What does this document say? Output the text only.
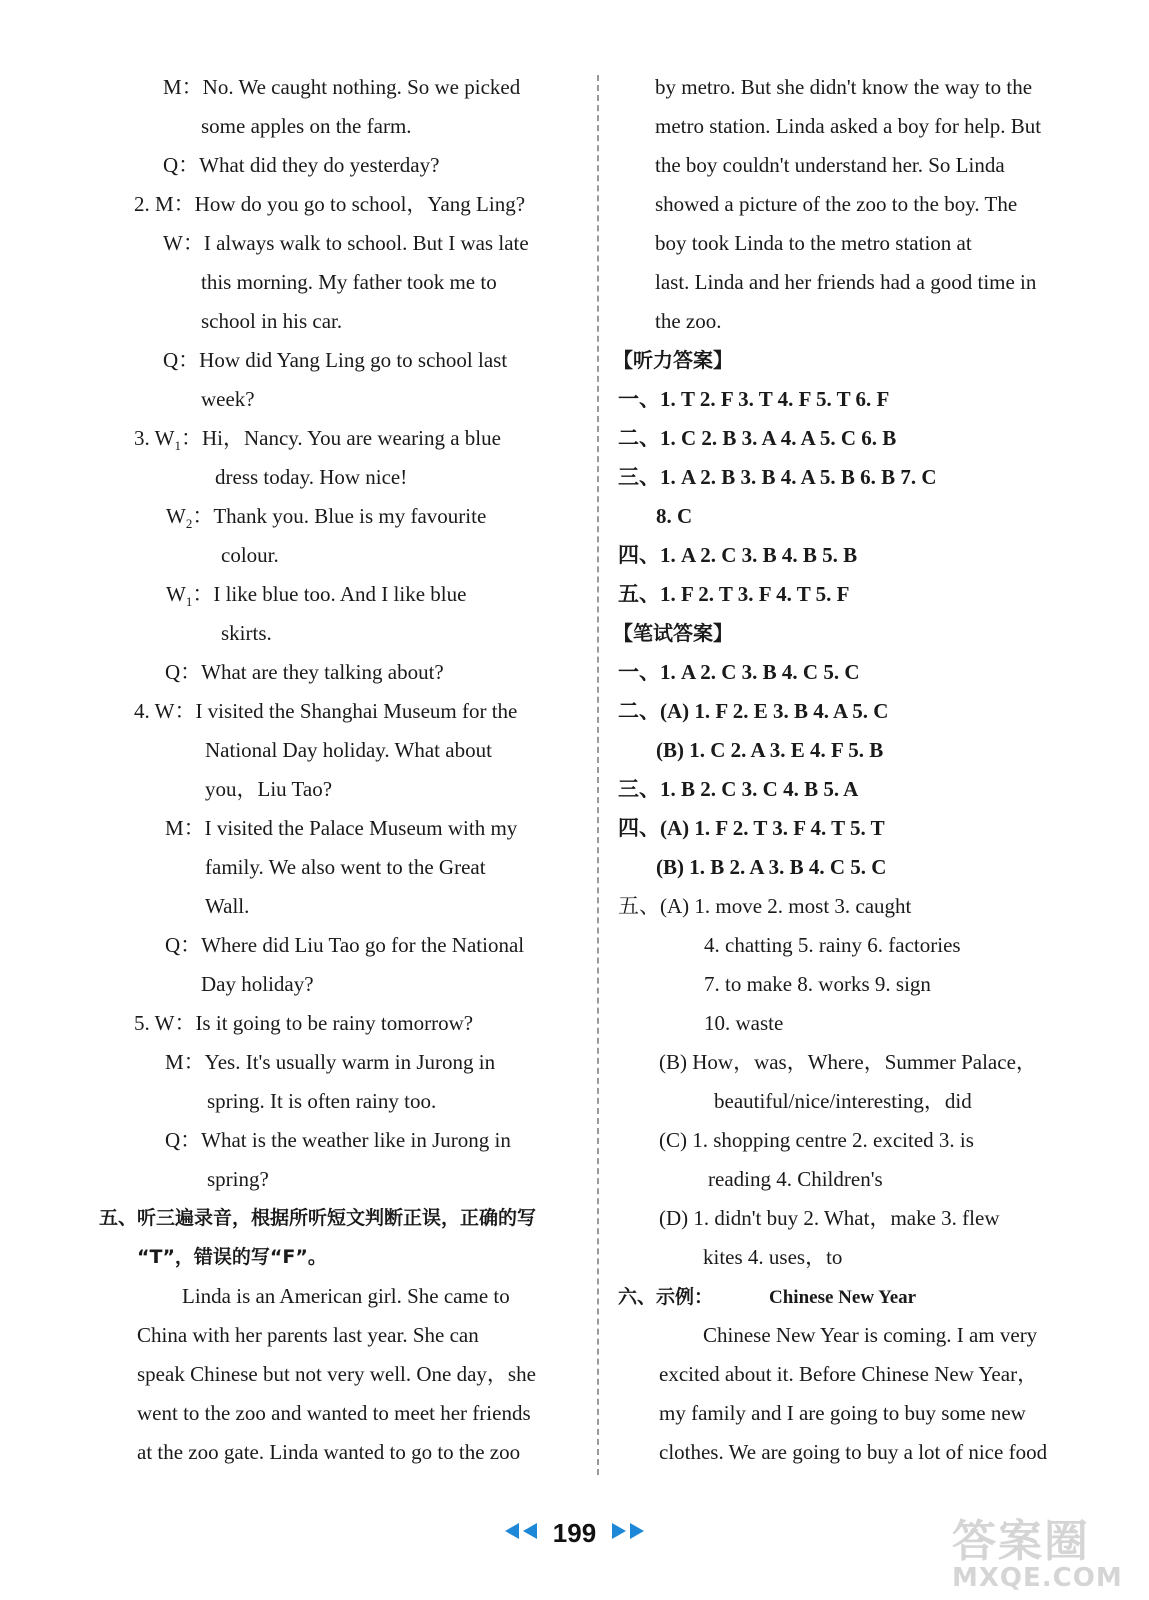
M：No. We caught nothing. So we picked
some apples on the farm.
Q：What did they do yesterday?
2. M：How do you go to school，Yang Ling?
W：I always walk to school. But I was late
this morning. My father took me to
school in his car.
Q：How did Yang Ling go to school last
week?
3. $W_1$：Hi，Nancy. You are wearing a blue
dress today. How nice!
$W_2$：Thank you. Blue is my favourite
colour.
$W_1$：I like blue too. And I like blue
skirts.
Q：What are they talking about?
4. W：I visited the Shanghai Museum for the
National Day holiday. What about
you，Liu Tao?
M：I visited the Palace Museum with my
family. We also went to the Great
Wall.
Q：Where did Liu Tao go for the National
Day holiday?
5. W：Is it going to be rainy tomorrow?
M：Yes. It's usually warm in Jurong in
spring. It is often rainy too.
Q：What is the weather like in Jurong in
spring?
五、听三遍录音，根据所听短文判断正误，正确的写
“T”，错误的写“F”。
Linda is an American girl. She came to
China with her parents last year. She can
speak Chinese but not very well. One day，she
went to the zoo and wanted to meet her friends
at the zoo gate. Linda wanted to go to the zoo
by metro. But she didn't know the way to the
metro station. Linda asked a boy for help. But
the boy couldn't understand her. So Linda
showed a picture of the zoo to the boy. The
boy took Linda to the metro station at
last. Linda and her friends had a good time in
the zoo.
【听力答案】
一、1. T 2. F 3. T 4. F 5. T 6. F
二、1. C 2. B 3. A 4. A 5. C 6. B
三、1. A 2. B 3. B 4. A 5. B 6. B 7. C
8. C
四、1. A 2. C 3. B 4. B 5. B
五、1. F 2. T 3. F 4. T 5. F
【笔试答案】
一、1. A 2. C 3. B 4. C 5. C
二、(A) 1. F 2. E 3. B 4. A 5. C
(B) 1. C 2. A 3. E 4. F 5. B
三、1. B 2. C 3. C 4. B 5. A
四、(A) 1. F 2. T 3. F 4. T 5. T
(B) 1. B 2. A 3. B 4. C 5. C
五、(A) 1. move 2. most 3. caught
4. chatting 5. rainy 6. factories
7. to make 8. works 9. sign
10. waste
(B) How，was，Where，Summer Palace，
beautiful/nice/interesting，did
(C) 1. shopping centre 2. excited 3. is
reading 4. Children's
(D) 1. didn't buy 2. What，make 3. flew
kites 4. uses，to
六、示例：	Chinese New Year
Chinese New Year is coming. I am very
excited about it. Before Chinese New Year，
my family and I are going to buy some new
clothes. We are going to buy a lot of nice food
199	答案圈
MXQE.COM
